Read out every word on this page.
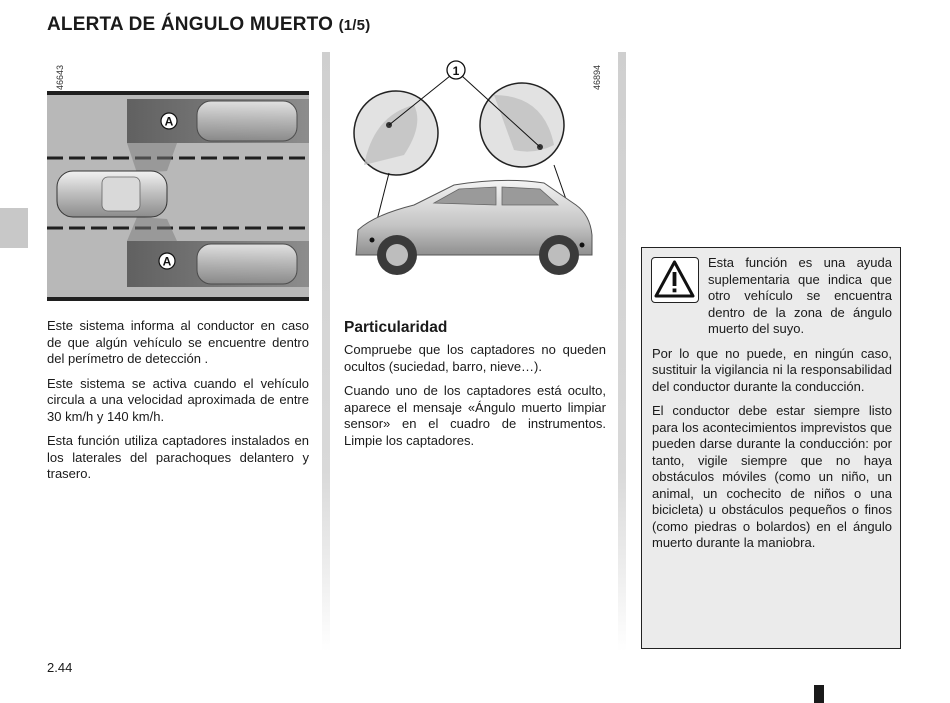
ALERTA DE ÁNGULO MUERTO (1/5)
46643
A
A
46894
1

Este sistema informa al conductor en caso de que algún vehículo se encuentre dentro del perímetro de detección .

Este sistema se activa cuando el vehículo circula a una velocidad aproximada de entre 30 km/h y 140 km/h.

Esta función utiliza captadores instalados en los laterales del parachoques delantero y trasero.

Particularidad

Compruebe que los captadores no queden ocultos (suciedad, barro, nieve…).

Cuando uno de los captadores está oculto, aparece el mensaje «Ángulo muerto limpiar sensor» en el cuadro de instrumentos. Limpie los captadores.

Esta función es una ayuda suplementaria que indica que otro vehículo se encuentra dentro de la zona de ángulo muerto del suyo.

Por lo que no puede, en ningún caso, sustituir la vigilancia ni la responsabilidad del conductor durante la conducción.

El conductor debe estar siempre listo para los acontecimientos imprevistos que pueden darse durante la conducción: por tanto, vigile siempre que no haya obstáculos móviles (como un niño, un animal, un cochecito de niños o una bicicleta) u obstáculos pequeños o finos (como piedras o bolardos) en el ángulo muerto durante la maniobra.

2.44
